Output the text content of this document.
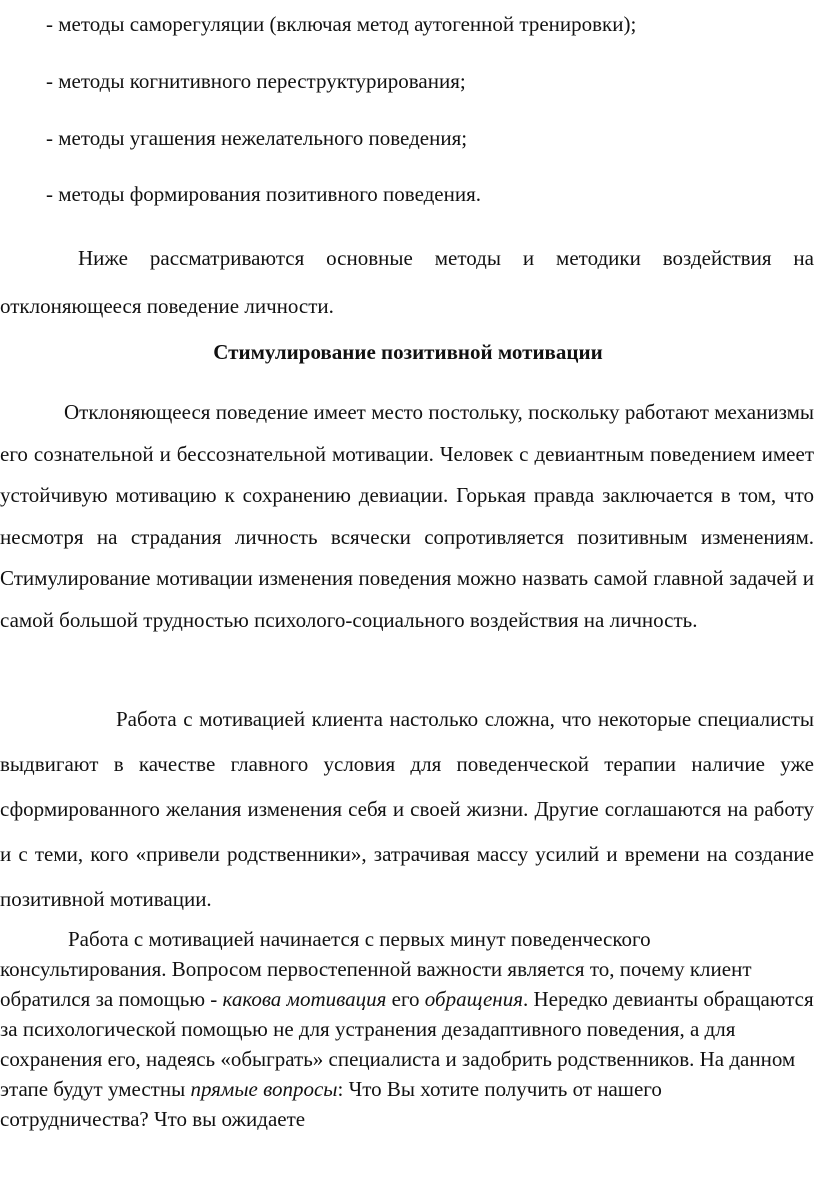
- методы саморегуляции (включая метод аутогенной тренировки);
- методы когнитивного переструктурирования;
- методы угашения нежелательного поведения;
- методы формирования позитивного поведения.
Ниже рассматриваются основные методы и методики воздействия на отклоняющееся поведение личности.
Стимулирование позитивной мотивации
Отклоняющееся поведение имеет место постольку, поскольку работают механизмы его сознательной и бессознательной мотивации. Человек с девиантным поведением имеет устойчивую мотивацию к сохранению девиации. Горькая правда заключается в том, что несмотря на страдания личность всячески сопротивляется позитивным изменениям. Стимулирование мотивации изменения поведения можно назвать самой главной задачей и самой большой трудностью психолого-социального воздействия на личность.
Работа с мотивацией клиента настолько сложна, что некоторые специалисты выдвигают в качестве главного условия для поведенческой терапии наличие уже сформированного желания изменения себя и своей жизни. Другие соглашаются на работу и с теми, кого «привели родственники», затрачивая массу усилий и времени на создание позитивной мотивации.
Работа с мотивацией начинается с первых минут поведенческого консультирования. Вопросом первостепенной важности является то, почему клиент обратился за помощью - какова мотивация его обращения. Нередко девианты обращаются за психологической помощью не для устранения дезадаптивного поведения, а для сохранения его, надеясь «обыграть» специалиста и задобрить родственников. На данном этапе будут уместны прямые вопросы: Что Вы хотите получить от нашего сотрудничества? Что вы ожидаете
